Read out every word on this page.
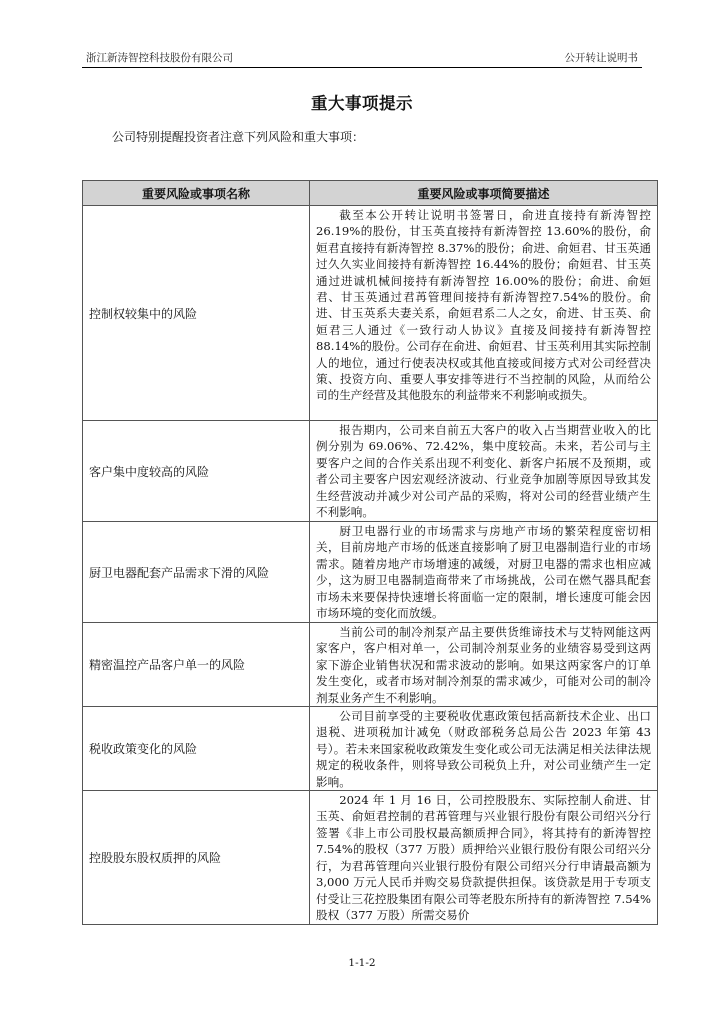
浙江新涛智控科技股份有限公司	公开转让说明书
重大事项提示
公司特别提醒投资者注意下列风险和重大事项：
重要风险或事项名称	重要风险或事项简要描述
控制权较集中的风险	截至本公开转让说明书签署日，俞进直接持有新涛智控26.19%的股份，甘玉英直接持有新涛智控 13.60%的股份，俞姮君直接持有新涛智控 8.37%的股份；俞进、俞姮君、甘玉英通过久久实业间接持有新涛智控 16.44%的股份；俞姮君、甘玉英通过进诚机械间接持有新涛智控 16.00%的股份；俞进、俞姮君、甘玉英通过君苒管理间接持有新涛智控7.54%的股份。俞进、甘玉英系夫妻关系，俞姮君系二人之女，俞进、甘玉英、俞姮君三人通过《一致行动人协议》直接及间接持有新涛智控 88.14%的股份。公司存在俞进、俞姮君、甘玉英利用其实际控制人的地位，通过行使表决权或其他直接或间接方式对公司经营决策、投资方向、重要人事安排等进行不当控制的风险，从而给公司的生产经营及其他股东的利益带来不利影响或损失。
客户集中度较高的风险	报告期内，公司来自前五大客户的收入占当期营业收入的比例分别为 69.06%、72.42%，集中度较高。未来，若公司与主要客户之间的合作关系出现不利变化、新客户拓展不及预期，或者公司主要客户因宏观经济波动、行业竞争加剧等原因导致其发生经营波动并减少对公司产品的采购，将对公司的经营业绩产生不利影响。
厨卫电器配套产品需求下滑的风险	厨卫电器行业的市场需求与房地产市场的繁荣程度密切相关，目前房地产市场的低迷直接影响了厨卫电器制造行业的市场需求。随着房地产市场增速的减缓，对厨卫电器的需求也相应减少，这为厨卫电器制造商带来了市场挑战，公司在燃气器具配套市场未来要保持快速增长将面临一定的限制，增长速度可能会因市场环境的变化而放缓。
精密温控产品客户单一的风险	当前公司的制冷剂泵产品主要供货维谛技术与艾特网能这两家客户，客户相对单一，公司制冷剂泵业务的业绩容易受到这两家下游企业销售状况和需求波动的影响。如果这两家客户的订单发生变化，或者市场对制冷剂泵的需求减少，可能对公司的制冷剂泵业务产生不利影响。
税收政策变化的风险	公司目前享受的主要税收优惠政策包括高新技术企业、出口退税、进项税加计减免（财政部税务总局公告 2023 年第 43 号）。若未来国家税收政策发生变化或公司无法满足相关法律法规规定的税收条件，则将导致公司税负上升，对公司业绩产生一定影响。
控股股东股权质押的风险	2024 年 1 月 16 日，公司控股股东、实际控制人俞进、甘玉英、俞姮君控制的君苒管理与兴业银行股份有限公司绍兴分行签署《非上市公司股权最高额质押合同》，将其持有的新涛智控 7.54%的股权（377 万股）质押给兴业银行股份有限公司绍兴分行，为君苒管理向兴业银行股份有限公司绍兴分行申请最高额为 3,000 万元人民币并购交易贷款提供担保。该贷款是用于专项支付受让三花控股集团有限公司等老股东所持有的新涛智控 7.54%股权（377 万股）所需交易价
1-1-2
